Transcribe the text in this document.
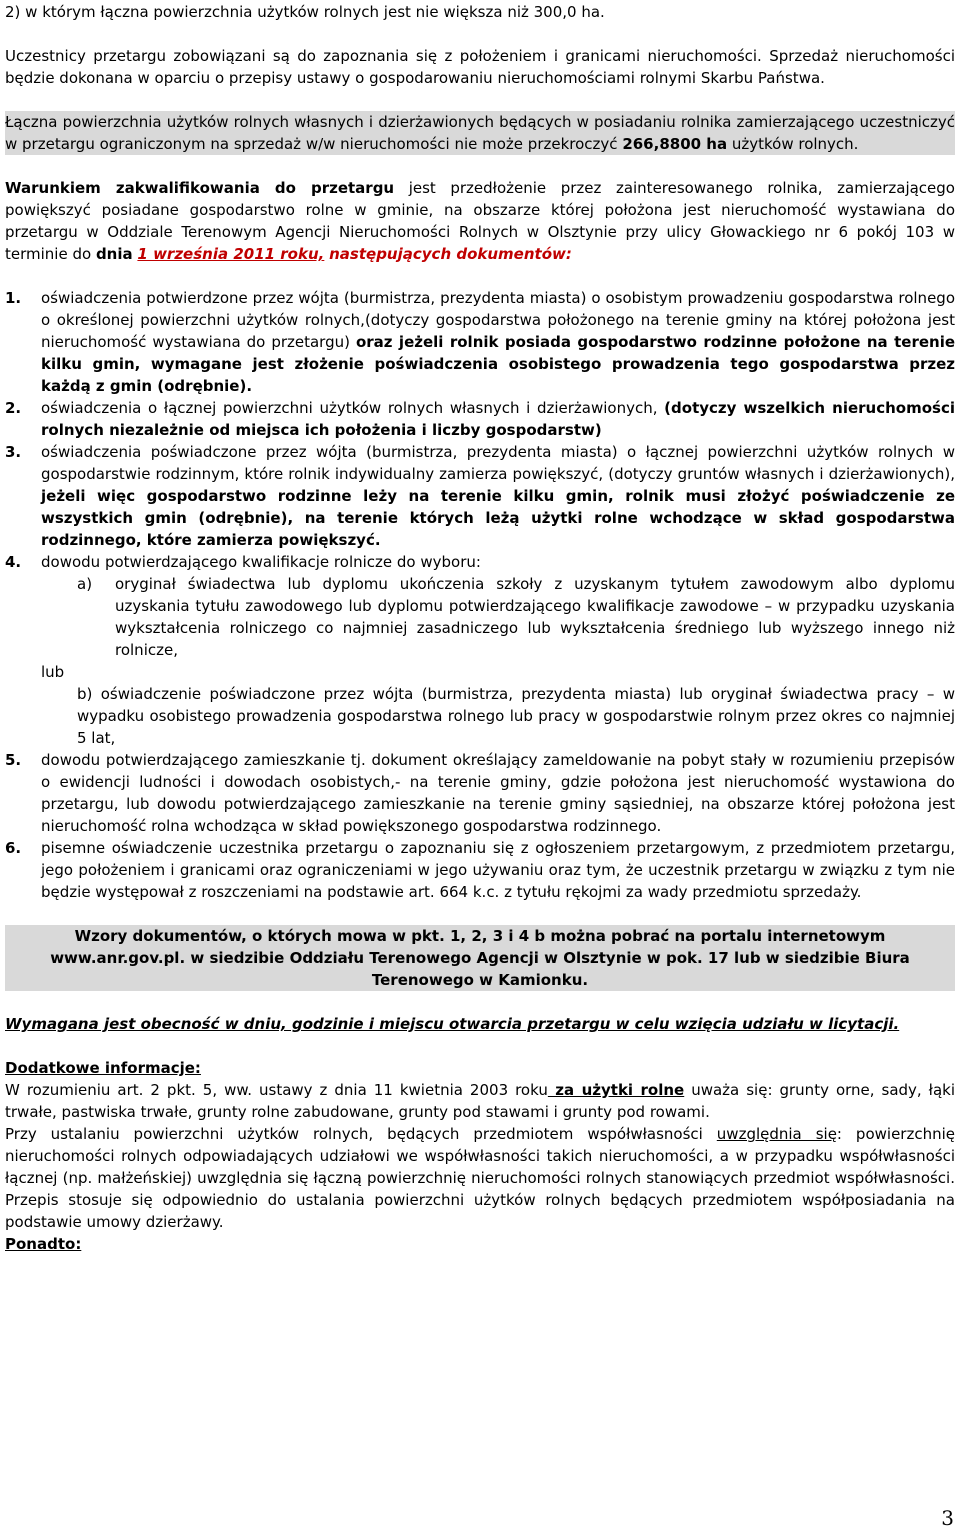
2) w którym łączna powierzchnia użytków rolnych jest nie większa niż 300,0 ha.

Uczestnicy przetargu zobowiązani są do zapoznania się z położeniem i granicami nieruchomości. Sprzedaż nieruchomości będzie dokonana w oparciu o przepisy ustawy o gospodarowaniu nieruchomościami rolnymi Skarbu Państwa.

Łączna powierzchnia użytków rolnych własnych i dzierżawionych będących w posiadaniu rolnika zamierzającego uczestniczyć w przetargu ograniczonym na sprzedaż w/w nieruchomości nie może przekroczyć 266,8800 ha użytków rolnych.

Warunkiem zakwalifikowania do przetargu jest przedłożenie przez zainteresowanego rolnika, zamierzającego powiększyć posiadane gospodarstwo rolne w gminie, na obszarze której położona jest nieruchomość wystawiana do przetargu w Oddziale Terenowym Agencji Nieruchomości Rolnych w Olsztynie przy ulicy Głowackiego nr 6 pokój 103 w terminie do dnia 1 września 2011 roku, następujących dokumentów:

1. oświadczenia potwierdzone przez wójta (burmistrza, prezydenta miasta) o osobistym prowadzeniu gospodarstwa rolnego o określonej powierzchni użytków rolnych,(dotyczy gospodarstwa położonego na terenie gminy na której położona jest nieruchomość wystawiana do przetargu) oraz jeżeli rolnik posiada gospodarstwo rodzinne położone na terenie kilku gmin, wymagane jest złożenie poświadczenia osobistego prowadzenia tego gospodarstwa przez każdą z gmin (odrębnie).
2. oświadczenia o łącznej powierzchni użytków rolnych własnych i dzierżawionych, (dotyczy wszelkich nieruchomości rolnych niezależnie od miejsca ich położenia i liczby gospodarstw)
3. oświadczenia poświadczone przez wójta (burmistrza, prezydenta miasta) o łącznej powierzchni użytków rolnych w gospodarstwie rodzinnym, które rolnik indywidualny zamierza powiększyć, (dotyczy gruntów własnych i dzierżawionych), jeżeli więc gospodarstwo rodzinne leży na terenie kilku gmin, rolnik musi złożyć poświadczenie ze wszystkich gmin (odrębnie), na terenie których leżą użytki rolne wchodzące w skład gospodarstwa rodzinnego, które zamierza powiększyć.
4. dowodu potwierdzającego kwalifikacje rolnicze do wyboru:
a) oryginał świadectwa lub dyplomu ukończenia szkoły z uzyskanym tytułem zawodowym albo dyplomu uzyskania tytułu zawodowego lub dyplomu potwierdzającego kwalifikacje zawodowe – w przypadku uzyskania wykształcenia rolniczego co najmniej zasadniczego lub wykształcenia średniego lub wyższego innego niż rolnicze,
lub
b) oświadczenie poświadczone przez wójta (burmistrza, prezydenta miasta) lub oryginał świadectwa pracy – w wypadku osobistego prowadzenia gospodarstwa rolnego lub pracy w gospodarstwie rolnym przez okres co najmniej 5 lat,
5. dowodu potwierdzającego zamieszkanie tj. dokument określający zameldowanie na pobyt stały w rozumieniu przepisów o ewidencji ludności i dowodach osobistych,- na terenie gminy, gdzie położona jest nieruchomość wystawiona do przetargu, lub dowodu potwierdzającego zamieszkanie na terenie gminy sąsiedniej, na obszarze której położona jest nieruchomość rolna wchodząca w skład powiększonego gospodarstwa rodzinnego.
6. pisemne oświadczenie uczestnika przetargu o zapoznaniu się z ogłoszeniem przetargowym, z przedmiotem przetargu, jego położeniem i granicami oraz ograniczeniami w jego używaniu oraz tym, że uczestnik przetargu w związku z tym nie będzie występował z roszczeniami na podstawie art. 664 k.c. z tytułu rękojmi za wady przedmiotu sprzedaży.
Wzory dokumentów, o których mowa w pkt. 1, 2, 3 i 4 b można pobrać na portalu internetowym www.anr.gov.pl. w siedzibie Oddziału Terenowego Agencji w Olsztynie w pok. 17 lub w siedzibie Biura Terenowego w Kamionku.

Wymagana jest obecność w dniu, godzinie i miejscu otwarcia przetargu w celu wzięcia udziału w licytacji.

Dodatkowe informacje:

W rozumieniu art. 2 pkt. 5, ww. ustawy z dnia 11 kwietnia 2003 roku za użytki rolne uważa się: grunty orne, sady, łąki trwałe, pastwiska trwałe, grunty rolne zabudowane, grunty pod stawami i grunty pod rowami.

Przy ustalaniu powierzchni użytków rolnych, będących przedmiotem współwłasności uwzględnia się: powierzchnię nieruchomości rolnych odpowiadających udziałowi we współwłasności takich nieruchomości, a w przypadku współwłasności łącznej (np. małżeńskiej) uwzględnia się łączną powierzchnię nieruchomości rolnych stanowiących przedmiot współwłasności. Przepis stosuje się odpowiednio do ustalania powierzchni użytków rolnych będących przedmiotem współposiadania na podstawie umowy dzierżawy.

Ponadto:

3
